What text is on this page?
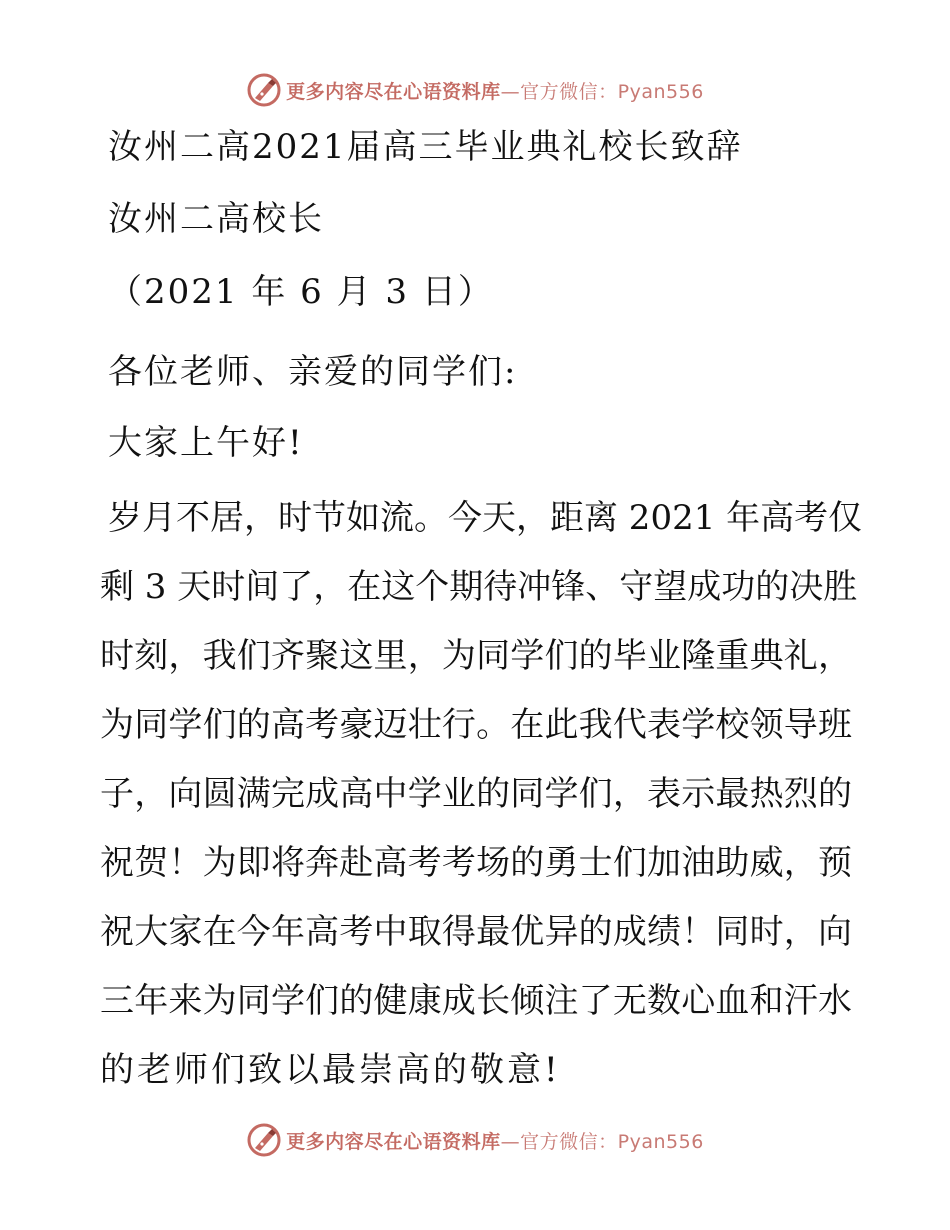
更多内容尽在心语资料库—官方微信：Pyan556
汝州二高2021届高三毕业典礼校长致辞
汝州二高校长
（2021 年 6 月 3 日）
各位老师、亲爱的同学们:
大家上午好!
岁月不居，时节如流。今天，距离 2021 年高考仅
剩 3 天时间了，在这个期待冲锋、守望成功的决胜
时刻，我们齐聚这里，为同学们的毕业隆重典礼，
为同学们的高考豪迈壮行。在此我代表学校领导班
子，向圆满完成高中学业的同学们，表示最热烈的
祝贺！为即将奔赴高考考场的勇士们加油助威，预
祝大家在今年高考中取得最优异的成绩！同时，向
三年来为同学们的健康成长倾注了无数心血和汗水
的老师们致以最崇高的敬意!
更多内容尽在心语资料库—官方微信：Pyan556
